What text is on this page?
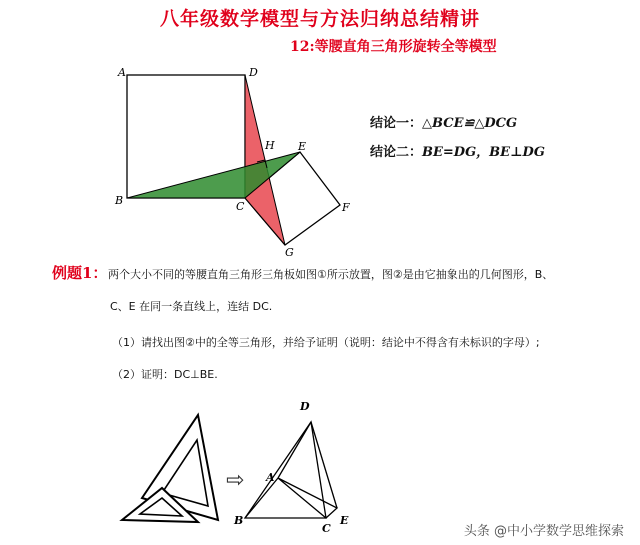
八年级数学模型与方法归纳总结精讲
12:等腰直角三角形旋转全等模型
A	D
B	C
H E
F
G
结论一：△BCE≌△DCG
结论二：BE=DG，BE⊥DG
例题1： 两个大小不同的等腰直角三角形三角板如图①所示放置，图②是由它抽象出的几何图形，B、
C、E 在同一条直线上，连结 DC.
（1）请找出图②中的全等三角形，并给予证明（说明：结论中不得含有未标识的字母）;
（2）证明：DC⊥BE.
⇨
D
A
B
C
E
头条 @中小学数学思维探索
